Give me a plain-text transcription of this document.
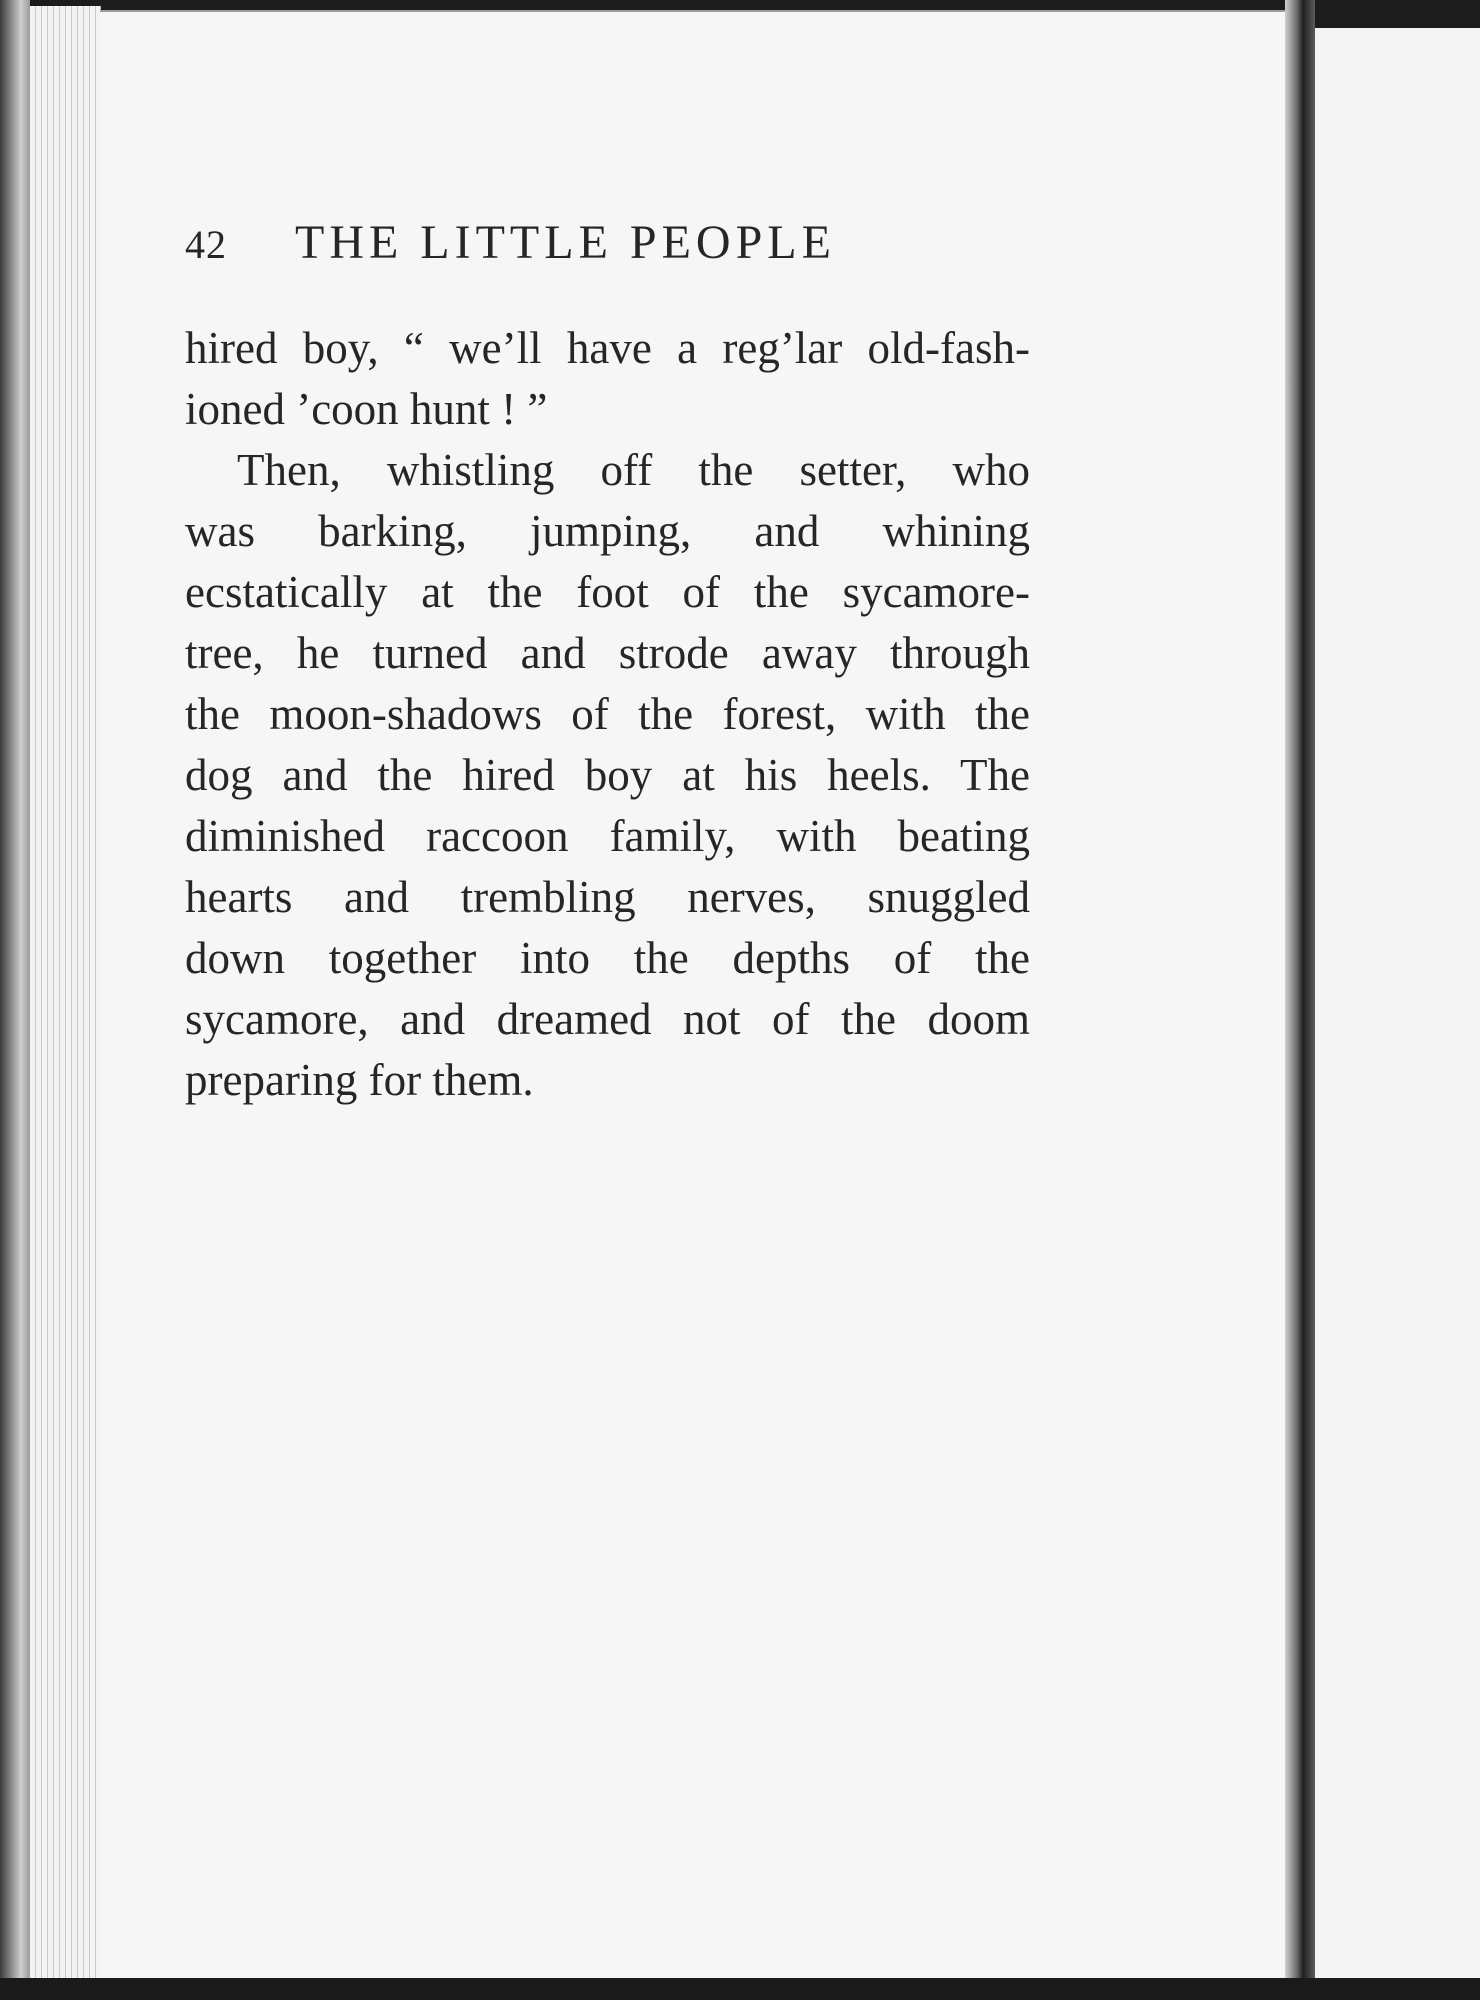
42 THE LITTLE PEOPLE
hired boy, “ we’ll have a reg’lar old-fash-
ioned ’coon hunt ! ”
Then, whistling off the setter, who
was barking, jumping, and whining
ecstatically at the foot of the sycamore-
tree, he turned and strode away through
the moon-shadows of the forest, with the
dog and the hired boy at his heels. The
diminished raccoon family, with beating
hearts and trembling nerves, snuggled
down together into the depths of the
sycamore, and dreamed not of the doom
preparing for them.
